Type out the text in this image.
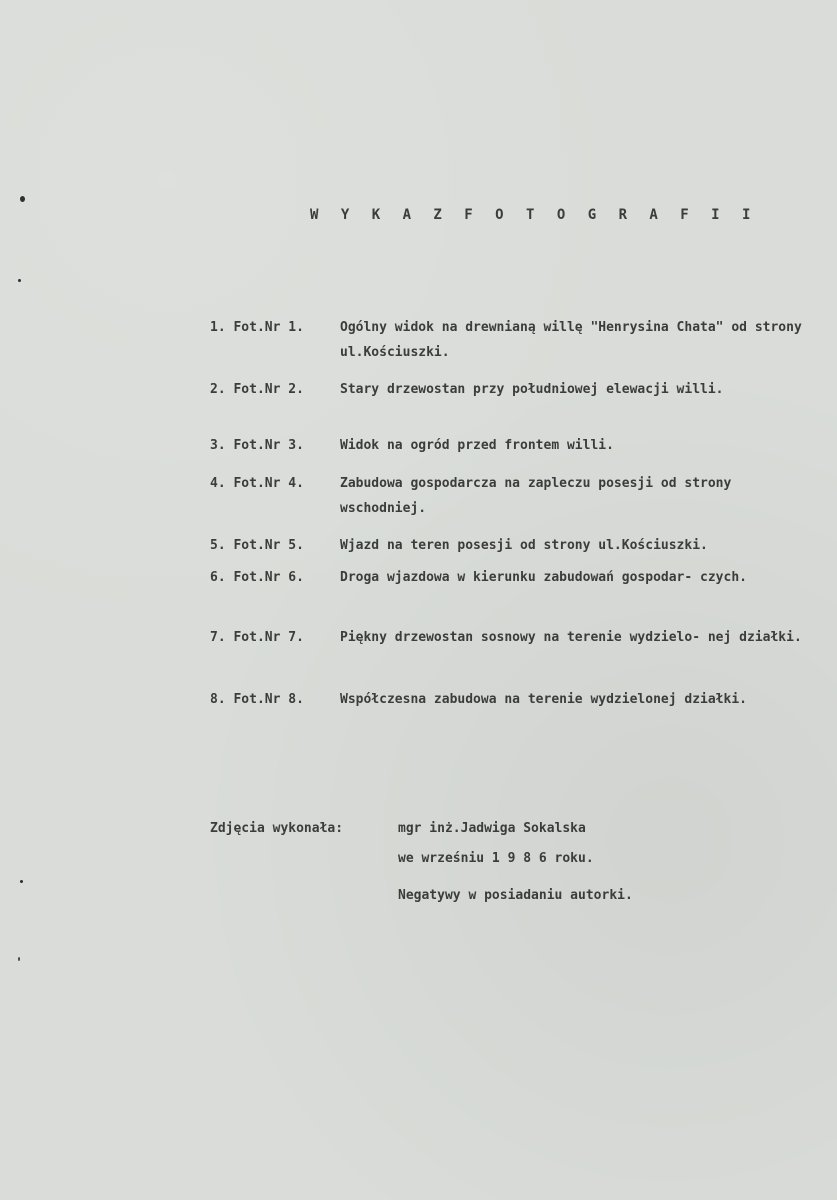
W Y K A Z F O T O G R A F I I
1. Fot.Nr 1.	Ogólny widok na drewnianą willę "Henrysina Chata" od strony ul.Kościuszki.
2. Fot.Nr 2.	Stary drzewostan przy południowej elewacji willi.
3. Fot.Nr 3.	Widok na ogród przed frontem willi.
4. Fot.Nr 4.	Zabudowa gospodarcza na zapleczu posesji od strony wschodniej.
5. Fot.Nr 5.	Wjazd na teren posesji od strony ul.Kościuszki.
6. Fot.Nr 6.	Droga wjazdowa w kierunku zabudowań gospodar- czych.
7. Fot.Nr 7.	Piękny drzewostan sosnowy na terenie wydzielo- nej działki.
8. Fot.Nr 8.	Współczesna zabudowa na terenie wydzielonej działki.
Zdjęcia wykonała:	mgr inż.Jadwiga Sokalska
we wrześniu 1 9 8 6 roku.
Negatywy w posiadaniu autorki.
